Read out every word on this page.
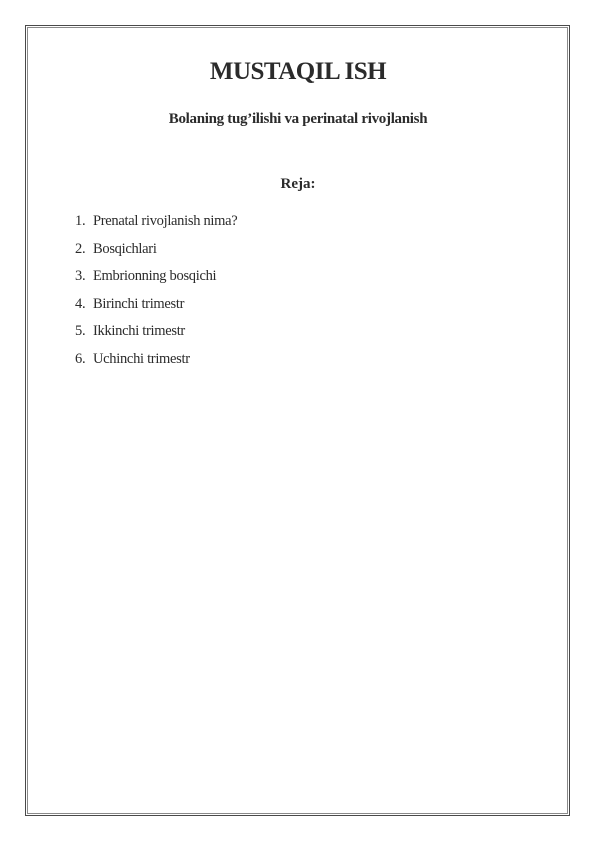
MUSTAQIL ISH
Bolaning tug’ilishi va perinatal rivojlanish
Reja:
1. Prenatal rivojlanish nima?
2. Bosqichlari
3. Embrionning bosqichi
4. Birinchi trimestr
5. Ikkinchi trimestr
6. Uchinchi trimestr
